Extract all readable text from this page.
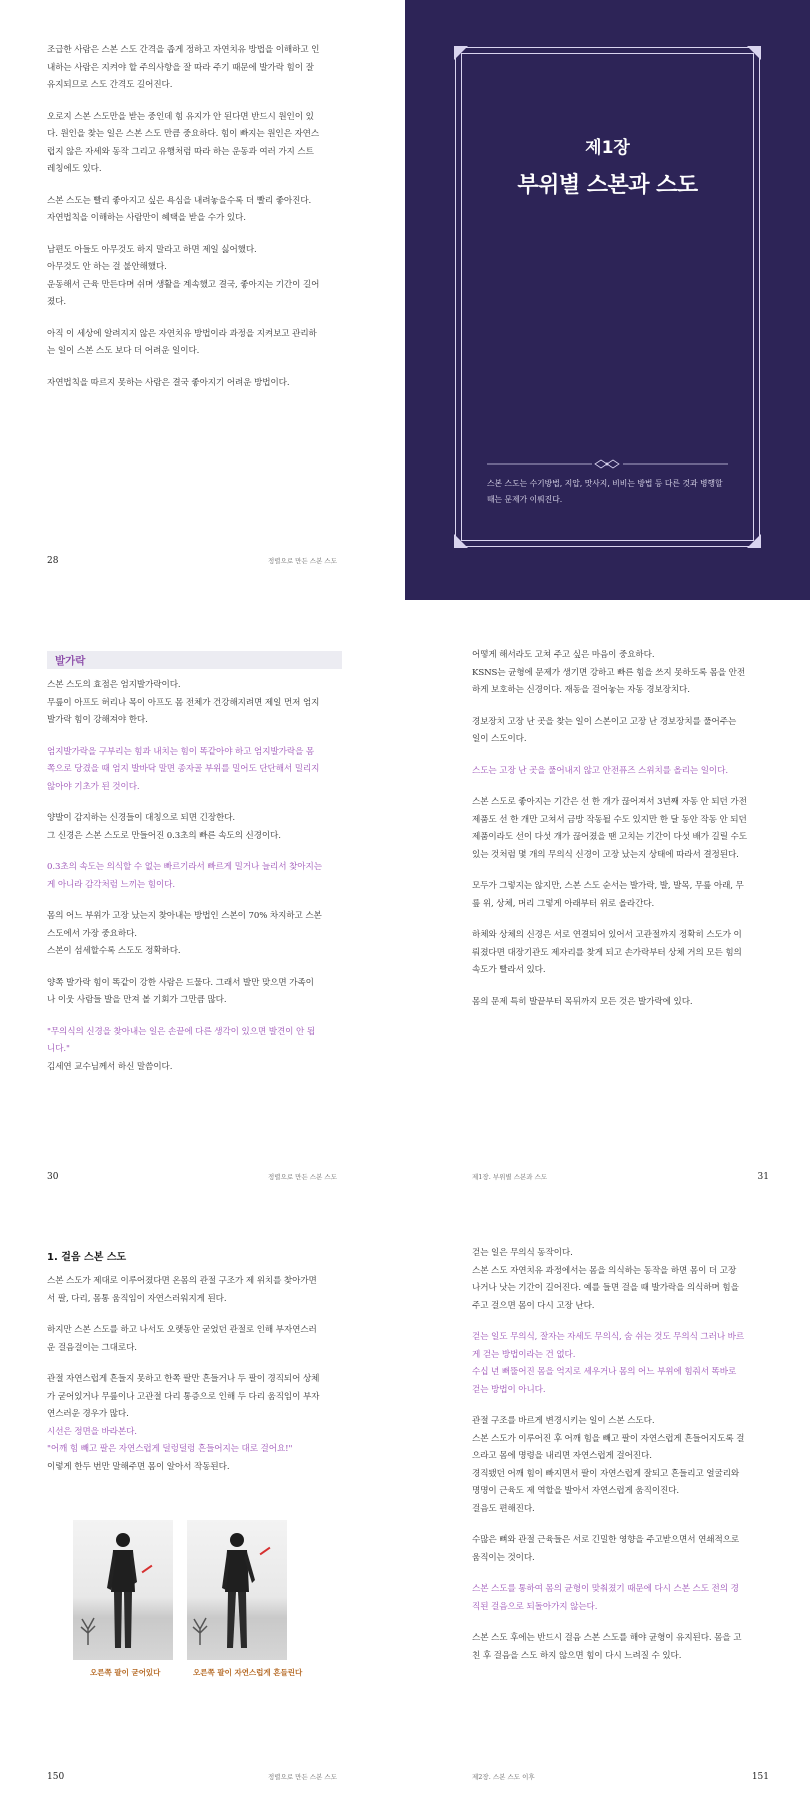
조급한 사람은 스본 스도 간격을 좁게 정하고 자연치유 방법을 이해하고 인
내하는 사람은 지켜야 할 주의사항을 잘 따라 주기 때문에 발가락 힘이 잘
유지되므로 스도 간격도 길어진다.
오로지 스본 스도만을 받는 중인데 힘 유지가 안 된다면 반드시 원인이 있
다. 원인을 찾는 일은 스본 스도 만큼 중요하다. 힘이 빠지는 원인은 자연스
럽지 않은 자세와 동작 그리고 유행처럼 따라 하는 운동과 여러 가지 스트
레칭에도 있다.
스본 스도는 빨리 좋아지고 싶은 욕심을 내려놓을수록 더 빨리 좋아진다.
자연법칙을 이해하는 사람만이 혜택을 받을 수가 있다.
남편도 아들도 아무것도 하지 말라고 하면 제일 싫어했다.
아무것도 안 하는 걸 불안해했다.
운동해서 근육 만든다며 쉬며 생활을 계속했고 결국, 좋아지는 기간이 길어
졌다.
아직 이 세상에 알려지지 않은 자연치유 방법이라 과정을 지켜보고 관리하
는 일이 스본 스도 보다 더 어려운 일이다.
자연법칙을 따르지 못하는 사람은 결국 좋아지기 어려운 방법이다.
28	정렬으로 만든 스본 스도
제1장
부위별 스본과 스도
스본 스도는 수기방법, 지압, 맛사지, 비비는 방법 등 다른 것과 병행할
때는 문제가 이뤄진다.
발가락
스본 스도의 효점은 엄지발가락이다.
무릎이 아프도 허리나 목이 아프도 몸 전체가 건강해지려면 제일 먼저 엄지
발가락 힘이 강해져야 한다.
엄지발가락을 구부리는 힘과 내치는 힘이 똑같아야 하고 엄지발가락을 몸
쪽으로 당겼을 때 엄지 발바닥 말면 종자골 부위를 밀어도 단단해서 밀리지
않아야 기초가 된 것이다.
양발이 감지하는 신경들이 대칭으로 되면 긴장한다.
그 신경은 스본 스도로 만들어진 0.3초의 빠른 속도의 신경이다.
0.3초의 속도는 의식할 수 없는 빠르기라서 빠르게 밀거나 늘리서 찾아지는
게 아니라 감각처럼 느끼는 힘이다.
몸의 어느 부위가 고장 났는지 찾아내는 방법인 스본이 70% 차지하고 스본
스도에서 가장 중요하다.
스본이 섬세할수록 스도도 정확하다.
양쪽 발가락 힘이 똑같이 강한 사람은 드물다. 그래서 발만 맞으면 가족이
나 이웃 사람들 발을 만져 볼 기회가 그만큼 많다.
"무의식의 신경을 찾아내는 일은 손끝에 다른 생각이 있으면 발견이 안 됩
니다."
김세연 교수님께서 하신 말씀이다.
30	정렬으로 만든 스본 스도
어떻게 해서라도 고쳐 주고 싶은 마음이 중요하다.
KSNS는 균형에 문제가 생기면 강하고 빠른 힘을 쓰지 못하도록 몸을 안전
하게 보호하는 신경이다. 재동을 걸어놓는 자동 경보장치다.
경보장치 고장 난 곳을 찾는 일이 스본이고 고장 난 경보장치를 풀어주는
일이 스도이다.
스도는 고장 난 곳을 풀어내지 않고 안전퓨즈 스위치를 올리는 일이다.
스본 스도로 좋아지는 기간은 선 한 개가 끊어져서 3년째 자동 안 되던 가전
제품도 선 한 개만 고쳐서 금방 작동될 수도 있지만 한 달 동안 작동 안 되던
제품이라도 선이 다섯 개가 끊어졌을 땐 고치는 기간이 다섯 배가 길릴 수도
있는 것처럼 몇 개의 무의식 신경이 고장 났는지 상태에 따라서 결정된다.
모두가 그렇지는 않지만, 스본 스도 순서는 발가락, 발, 발목, 무릎 아래, 무
릎 위, 상체, 머리 그렇게 아래부터 위로 올라간다.
하체와 상체의 신경은 서로 연결되어 있어서 고관절까지 정확히 스도가 이
뤄졌다면 대장기관도 제자리를 찾게 되고 손가락부터 상체 거의 모든 힘의
속도가 빨라서 있다.
몸의 문제 특히 발끝부터 목뒤까지 모든 것은 발가락에 있다.
제1장. 부위별 스본과 스도	31
1. 걸음 스본 스도
스본 스도가 제대로 이루어졌다면 온몸의 관절 구조가 제 위치를 찾아가면
서 팔, 다리, 몸통 움직임이 자연스러워지게 된다.
하지만 스본 스도를 하고 나서도 오랫동안 굳었던 관절로 인해 부자연스러
운 걸음걸이는 그대로다.
관절 자연스럽게 흔들지 못하고 한쪽 팔만 흔들거나 두 팔이 경직되어 상체
가 굳어있거나 무릎이나 고관절 다리 통증으로 인해 두 다리 움직임이 부자
연스러운 경우가 많다.
시선은 정면을 바라본다.
"어깨 힘 빼고 팔은 자연스럽게 덜렁덜렁 흔들어지는 대로 걸어요!"
이렇게 한두 번만 말해주면 몸이 알아서 작동된다.
오른쪽 팔이 굳어있다	오른쪽 팔이 자연스럽게 흔들린다
150	정렬으로 만든 스본 스도
걷는 일은 무의식 동작이다.
스본 스도 자연치유 과정에서는 몸을 의식하는 동작을 하면 몸이 더 고장
나거나 낫는 기간이 길어진다. 예를 들면 걸을 때 발가락을 의식하며 힘을
주고 걸으면 몸이 다시 고장 난다.
걷는 일도 무의식, 잘자는 자세도 무의식, 숨 쉬는 것도 무의식 그러나 바르
게 걷는 방법이라는 건 없다.
수십 년 뻐뚤어진 몸을 억지로 세우거나 몸의 어느 부위에 힘줘서 똑바로
걷는 방법이 아니다.
관절 구조를 바르게 변경시키는 일이 스본 스도다.
스본 스도가 이루어진 후 어깨 힘을 빼고 팔이 자연스럽게 흔들어지도록 걸
으라고 몸에 명령을 내리면 자연스럽게 걸어진다.
경직됐던 어깨 힘이 빠지면서 팔이 자연스럽게 잘되고 흔들리고 얼굴리와
명명이 근육도 제 역할을 발아서 자연스럽게 움직이진다.
걸음도 편해진다.
수많은 뼈와 관절 근육들은 서로 긴밀한 영향을 주고받으면서 연쇄적으로
움직이는 것이다.
스본 스도를 통하여 몸의 균형이 맞춰졌기 때문에 다시 스본 스도 전의 경
직된 걸음으로 되돌아가지 않는다.
스본 스도 후에는 반드시 걸음 스본 스도를 해야 균형이 유지된다. 몸을 고
친 후 걸음을 스도 하지 않으면 힘이 다시 느려질 수 있다.
제2장. 스본 스도 이후	151
